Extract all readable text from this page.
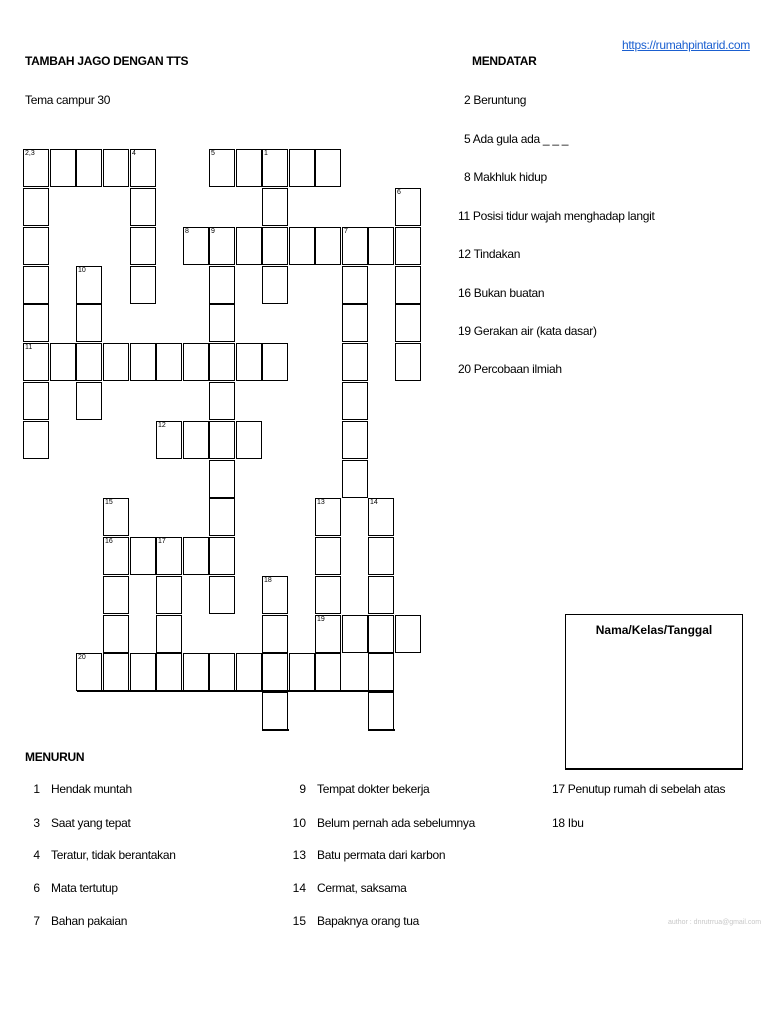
TAMBAH JAGO DENGAN TTS
Tema campur 30
https://rumahpintarid.com
MENDATAR
2 Beruntung
5 Ada gula ada _ _ _
8 Makhluk hidup
11 Posisi tidur wajah menghadap langit
12 Tindakan
16 Bukan buatan
19 Gerakan air (kata dasar)
20 Percobaan ilmiah
2,3	4	5	1
6
8	9	7
10
11
12
15	13	14
16	17
18
19
20
Nama/Kelas/Tanggal
MENURUN
1 Hendak muntah
3 Saat yang tepat
4 Teratur, tidak berantakan
6 Mata tertutup
7 Bahan pakaian
9 Tempat dokter bekerja
10 Belum pernah ada sebelumnya
13 Batu permata dari karbon
14 Cermat, saksama
15 Bapaknya orang tua
17 Penutup rumah di sebelah atas
18 Ibu
author : dnrutrrua@gmail.com
